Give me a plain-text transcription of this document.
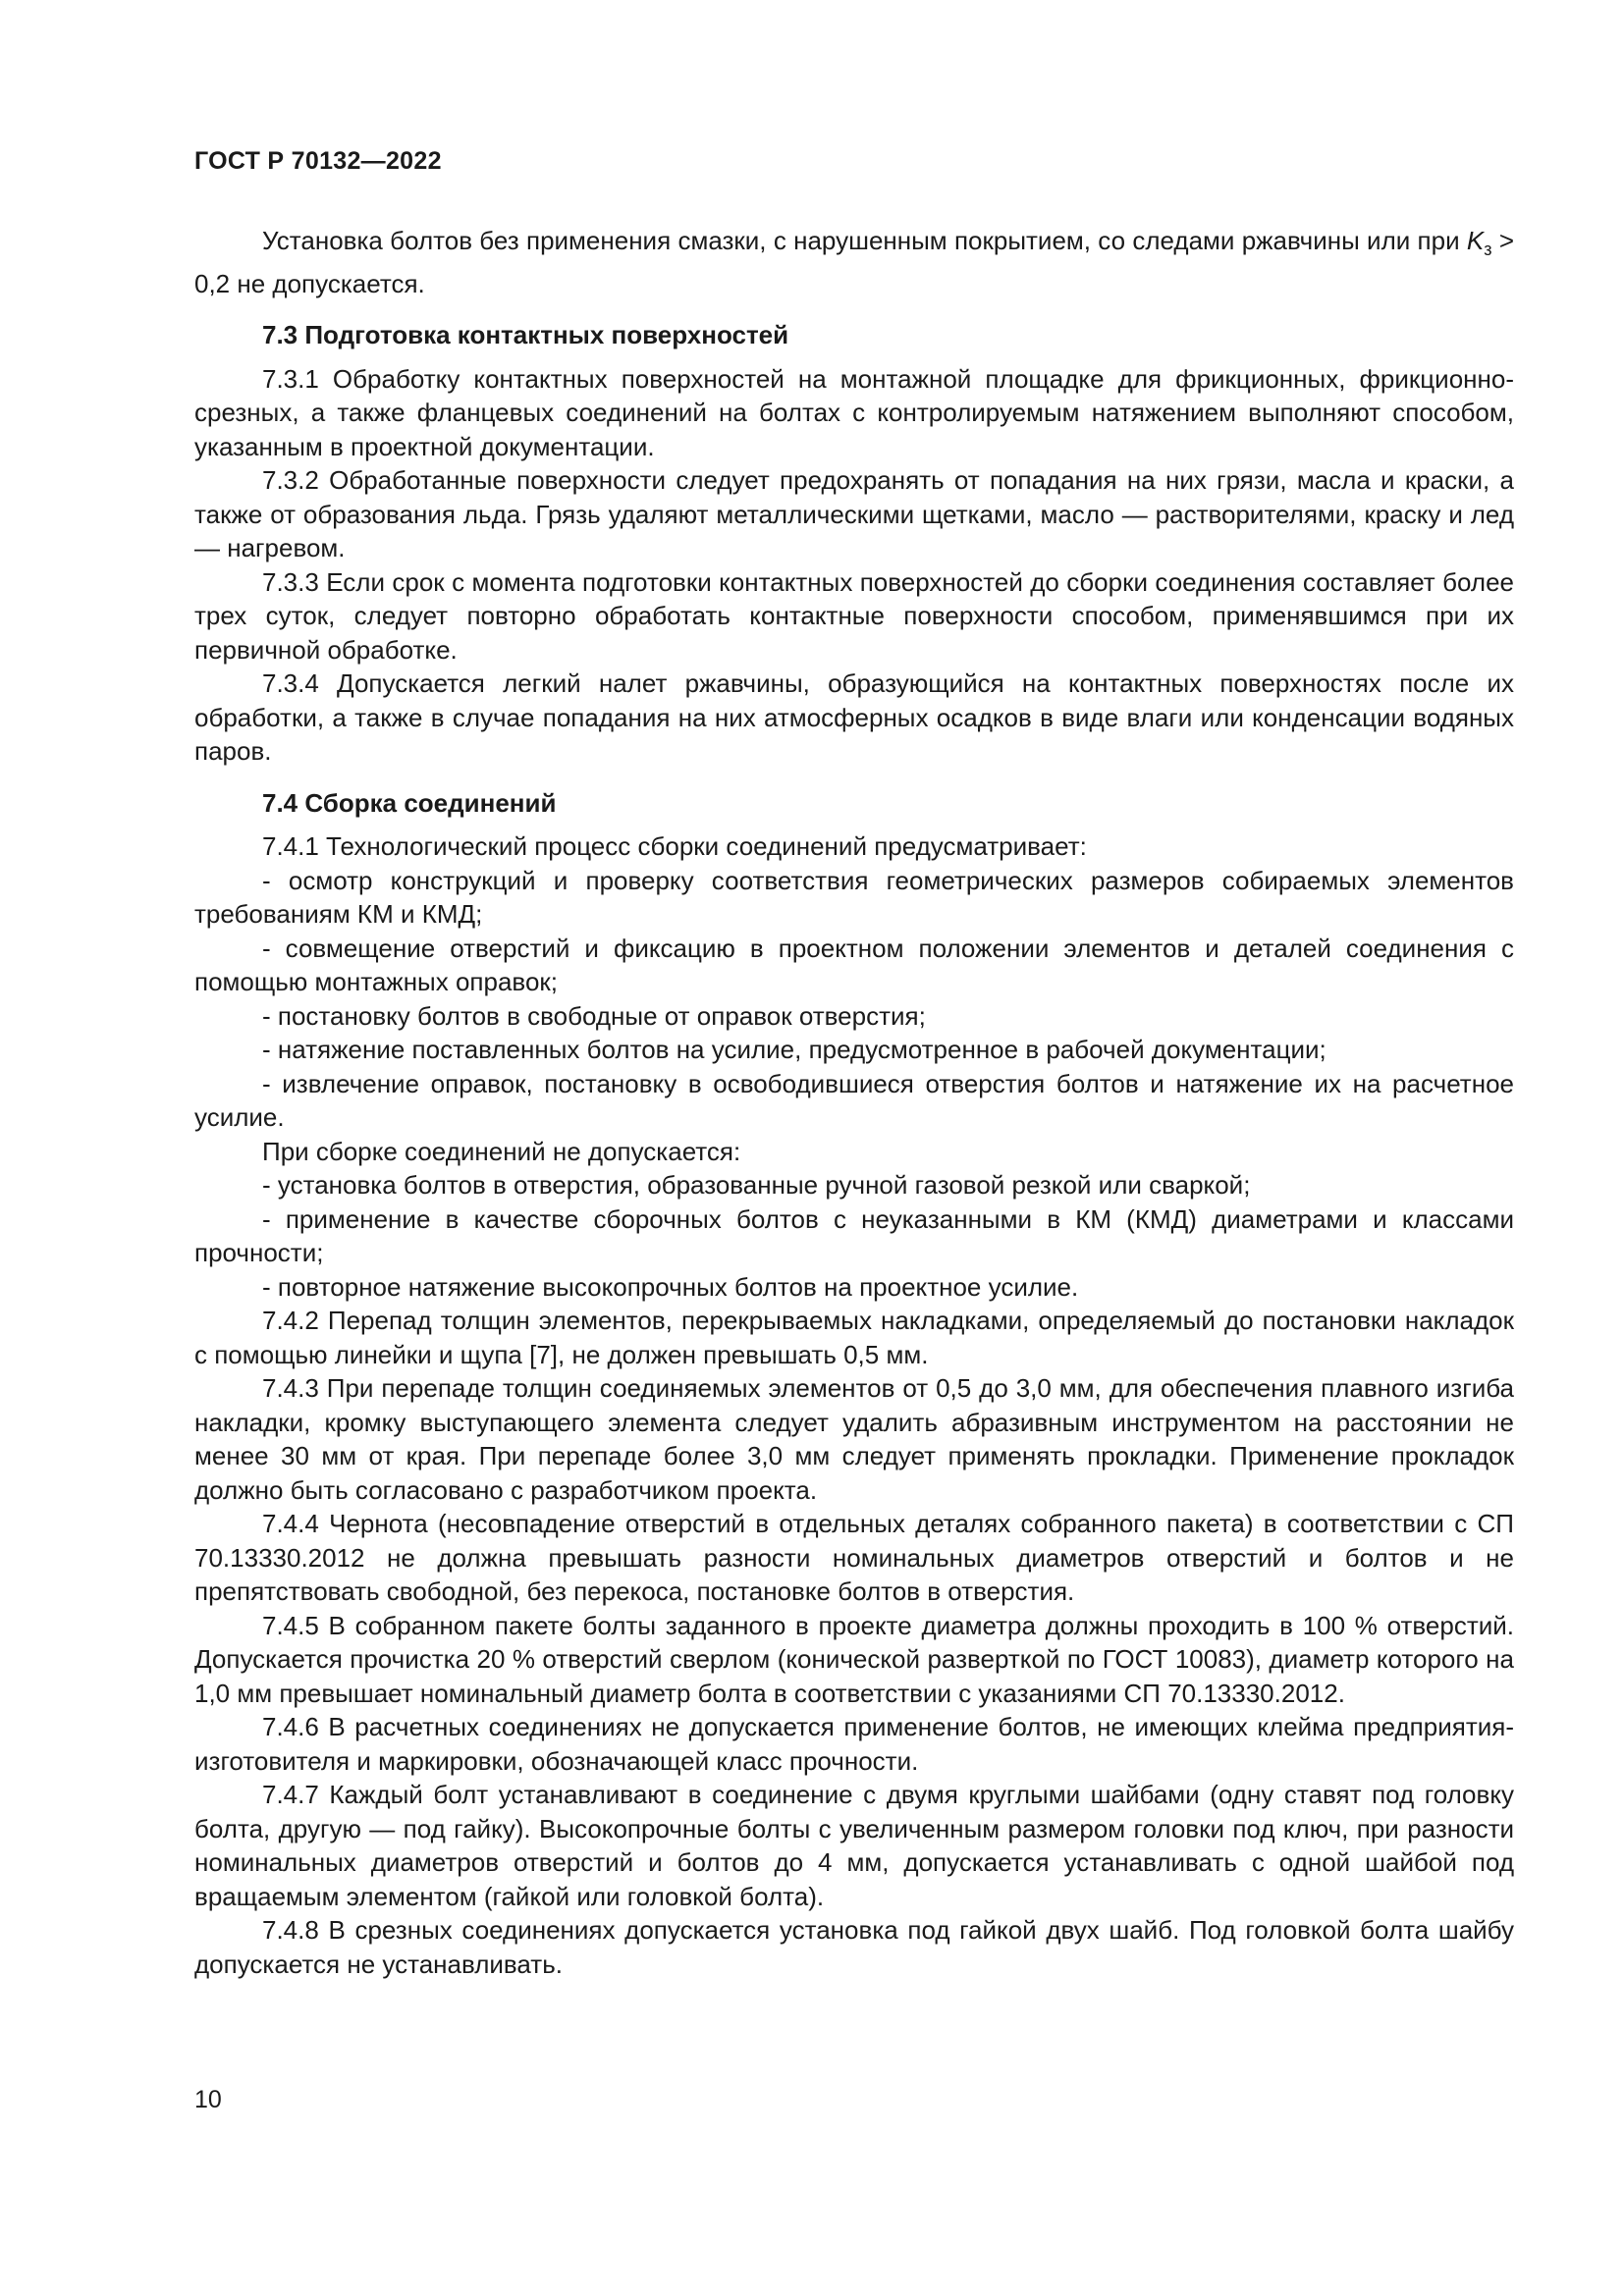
ГОСТ Р 70132—2022

Установка болтов без применения смазки, с нарушенным покрытием, со следами ржавчины или при $K_з > 0,2$ не допускается.

7.3 Подготовка контактных поверхностей

7.3.1 Обработку контактных поверхностей на монтажной площадке для фрикционных, фрикционно-срезных, а также фланцевых соединений на болтах с контролируемым натяжением выполняют способом, указанным в проектной документации.

7.3.2 Обработанные поверхности следует предохранять от попадания на них грязи, масла и краски, а также от образования льда. Грязь удаляют металлическими щетками, масло — растворителями, краску и лед — нагревом.

7.3.3 Если срок с момента подготовки контактных поверхностей до сборки соединения составляет более трех суток, следует повторно обработать контактные поверхности способом, применявшимся при их первичной обработке.

7.3.4 Допускается легкий налет ржавчины, образующийся на контактных поверхностях после их обработки, а также в случае попадания на них атмосферных осадков в виде влаги или конденсации водяных паров.

7.4 Сборка соединений

7.4.1 Технологический процесс сборки соединений предусматривает:

- осмотр конструкций и проверку соответствия геометрических размеров собираемых элементов требованиям КМ и КМД;

- совмещение отверстий и фиксацию в проектном положении элементов и деталей соединения с помощью монтажных оправок;

- постановку болтов в свободные от оправок отверстия;

- натяжение поставленных болтов на усилие, предусмотренное в рабочей документации;

- извлечение оправок, постановку в освободившиеся отверстия болтов и натяжение их на расчетное усилие.

При сборке соединений не допускается:

- установка болтов в отверстия, образованные ручной газовой резкой или сваркой;

- применение в качестве сборочных болтов с неуказанными в КМ (КМД) диаметрами и классами прочности;

- повторное натяжение высокопрочных болтов на проектное усилие.

7.4.2 Перепад толщин элементов, перекрываемых накладками, определяемый до постановки накладок с помощью линейки и щупа [7], не должен превышать 0,5 мм.

7.4.3 При перепаде толщин соединяемых элементов от 0,5 до 3,0 мм, для обеспечения плавного изгиба накладки, кромку выступающего элемента следует удалить абразивным инструментом на расстоянии не менее 30 мм от края. При перепаде более 3,0 мм следует применять прокладки. Применение прокладок должно быть согласовано с разработчиком проекта.

7.4.4 Чернота (несовпадение отверстий в отдельных деталях собранного пакета) в соответствии с СП 70.13330.2012 не должна превышать разности номинальных диаметров отверстий и болтов и не препятствовать свободной, без перекоса, постановке болтов в отверстия.

7.4.5 В собранном пакете болты заданного в проекте диаметра должны проходить в 100 % отверстий. Допускается прочистка 20 % отверстий сверлом (конической разверткой по ГОСТ 10083), диаметр которого на 1,0 мм превышает номинальный диаметр болта в соответствии с указаниями СП 70.13330.2012.

7.4.6 В расчетных соединениях не допускается применение болтов, не имеющих клейма предприятия-изготовителя и маркировки, обозначающей класс прочности.

7.4.7 Каждый болт устанавливают в соединение с двумя круглыми шайбами (одну ставят под головку болта, другую — под гайку). Высокопрочные болты с увеличенным размером головки под ключ, при разности номинальных диаметров отверстий и болтов до 4 мм, допускается устанавливать с одной шайбой под вращаемым элементом (гайкой или головкой болта).

7.4.8 В срезных соединениях допускается установка под гайкой двух шайб. Под головкой болта шайбу допускается не устанавливать.

10
